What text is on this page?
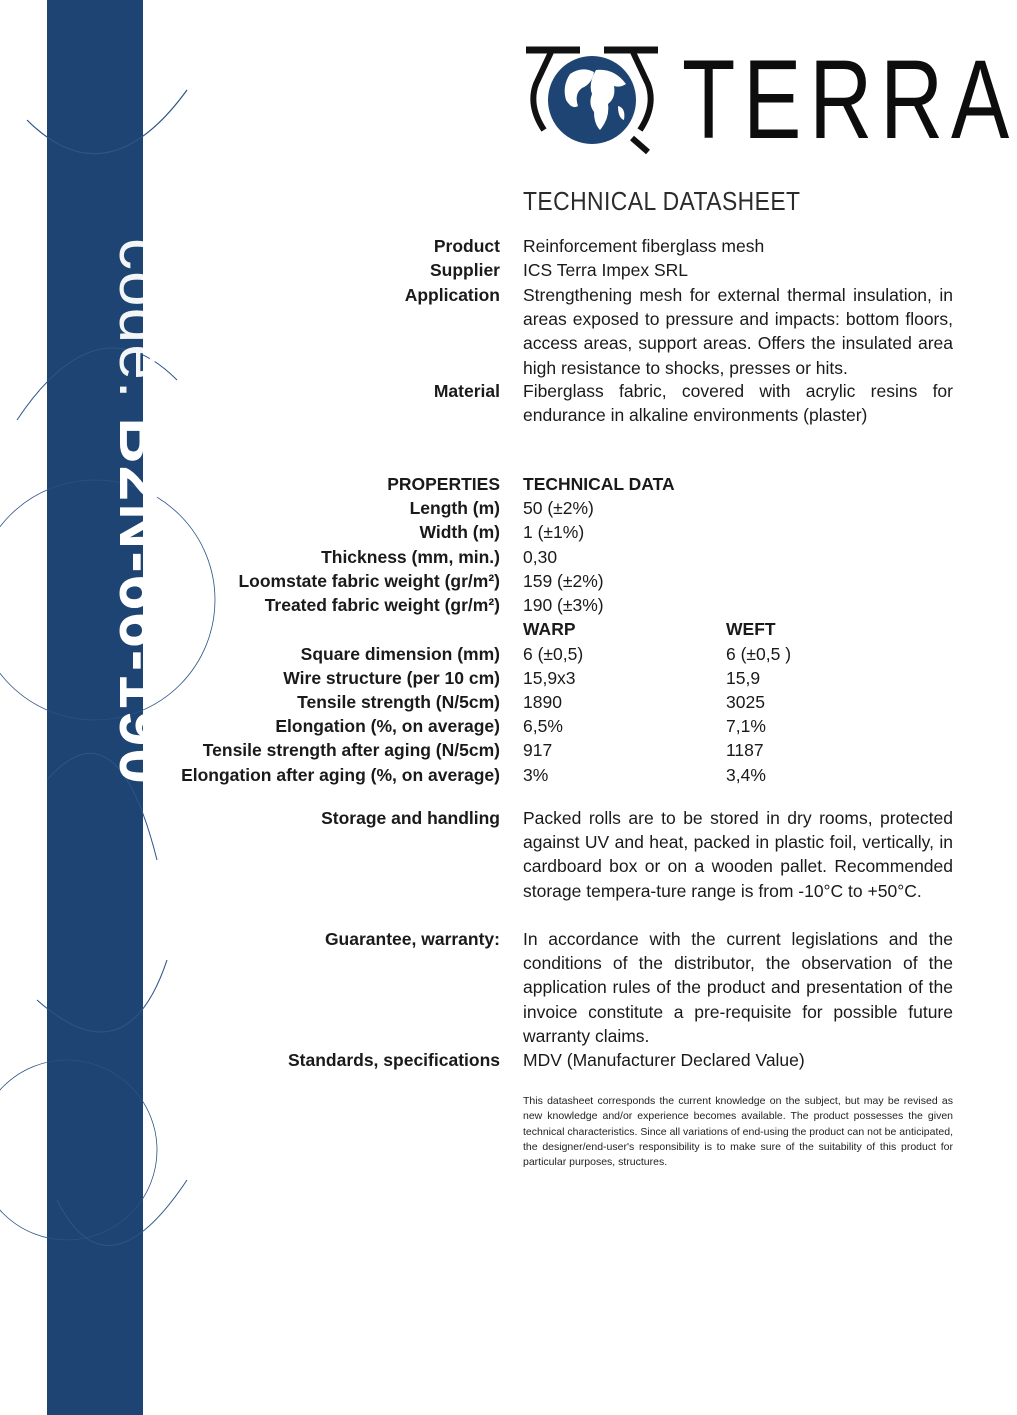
code: B2N-66-190
TERRA
TECHNICAL DATASHEET
Product Reinforcement fiberglass mesh
Supplier ICS Terra Impex SRL
Application Strengthening mesh for external thermal insulation, in areas exposed to pressure and impacts: bottom floors, access areas, support areas. Offers the insulated area high resistance to shocks, presses or hits.
Material Fiberglass fabric, covered with acrylic resins for endurance in alkaline environments (plaster)
PROPERTIES TECHNICAL DATA
Length (m) 50 (±2%)
Width (m) 1 (±1%)
Thickness (mm, min.) 0,30
Loomstate fabric weight (gr/m²) 159 (±2%)
Treated fabric weight (gr/m²) 190 (±3%)
WARP	WEFT
Square dimension (mm) 6 (±0,5)	6 (±0,5 )
Wire structure (per 10 cm) 15,9x3	15,9
Tensile strength (N/5cm) 1890	3025
Elongation (%, on average) 6,5%	7,1%
Tensile strength after aging (N/5cm) 917	1187
Elongation after aging (%, on average) 3%	3,4%
Storage and handling Packed rolls are to be stored in dry rooms, protected against UV and heat, packed in plastic foil, vertically, in cardboard box or on a wooden pallet. Recommended storage tempera-ture range is from -10°C to +50°C.
Guarantee, warranty: In accordance with the current legislations and the conditions of the distributor, the observation of the application rules of the product and presentation of the invoice constitute a pre-requisite for possible future warranty claims.
Standards, specifications MDV (Manufacturer Declared Value)
This datasheet corresponds the current knowledge on the subject, but may be revised as new knowledge and/or experience becomes available. The product possesses the given technical characteristics. Since all variations of end-using the product can not be anticipated, the designer/end-user's responsibility is to make sure of the suitability of this product for particular purposes, structures.
